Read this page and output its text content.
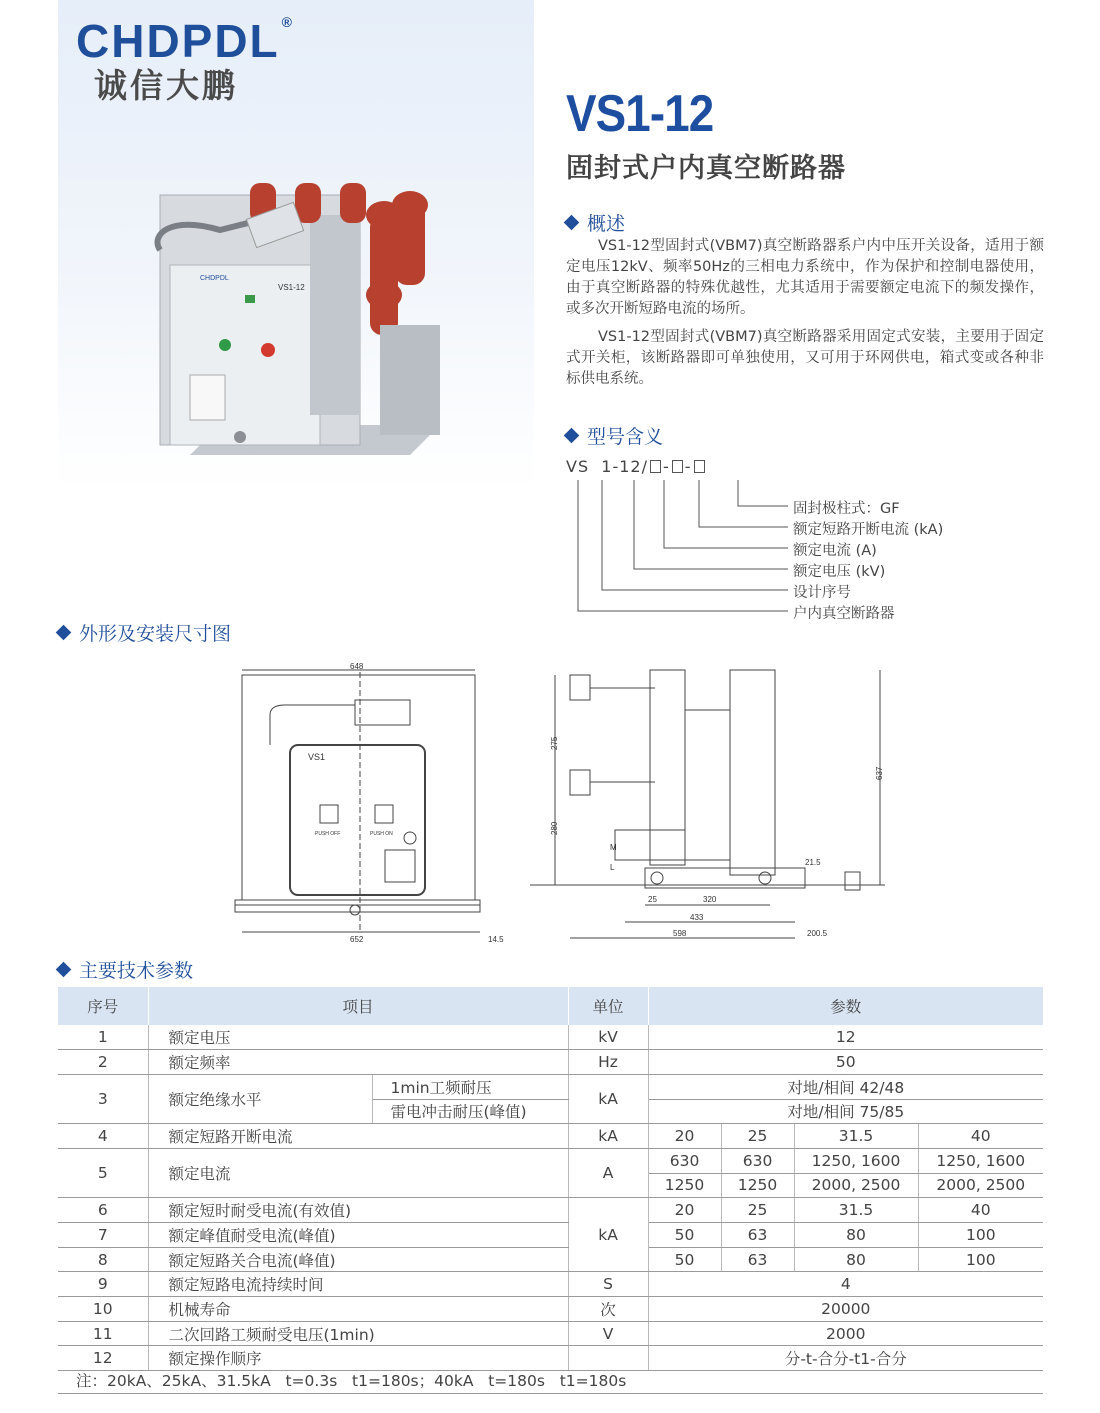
CHDPDL ®
诚信大鹏
CHDPDL
VS1-12
VS1-12
固封式户内真空断路器
概述
VS1-12型固封式(VBM7)真空断路器系户内中压开关设备，适用于额定电压12kV、频率50Hz的三相电力系统中，作为保护和控制电器使用，由于真空断路器的特殊优越性，尤其适用于需要额定电流下的频发操作，或多次开断短路电流的场所。
VS1-12型固封式(VBM7)真空断路器采用固定式安装，主要用于固定式开关柜，该断路器即可单独使用，又可用于环网供电，箱式变或各种非标供电系统。
型号含义
VS 1-12/ - -
固封极柱式：GF
额定短路开断电流 (kA)
额定电流 (A)
额定电压 (kV)
设计序号
户内真空断路器
外形及安装尺寸图
648
VS1
PUSH OFF	PUSH ON
652	14.5
275
280
M
L
637
21.5
25	320
433
598	200.5
主要技术参数
序号	项目		单位	参数			
1	额定电压		kV	12			
2	额定频率		Hz	50			
3	额定绝缘水平	1min工频耐压	kA	对地/相间 42/48			
		雷电冲击耐压(峰值)		对地/相间 75/85			
4	额定短路开断电流		kA	20	25	31.5	40
5	额定电流		A	630	630	1250, 1600	1250, 1600
				1250	1250	2000, 2500	2000, 2500
6	额定短时耐受电流(有效值)		kA	20	25	31.5	40
7	额定峰值耐受电流(峰值)			50	63	80	100
8	额定短路关合电流(峰值)			50	63	80	100
9	额定短路电流持续时间		S	4			
10	机械寿命		次	20000			
11	二次回路工频耐受电压(1min)		V	2000			
12	额定操作顺序			分-t-合分-t1-合分			
注：20kA、25kA、31.5kA   t=0.3s   t1=180s；40kA   t=180s   t1=180s
